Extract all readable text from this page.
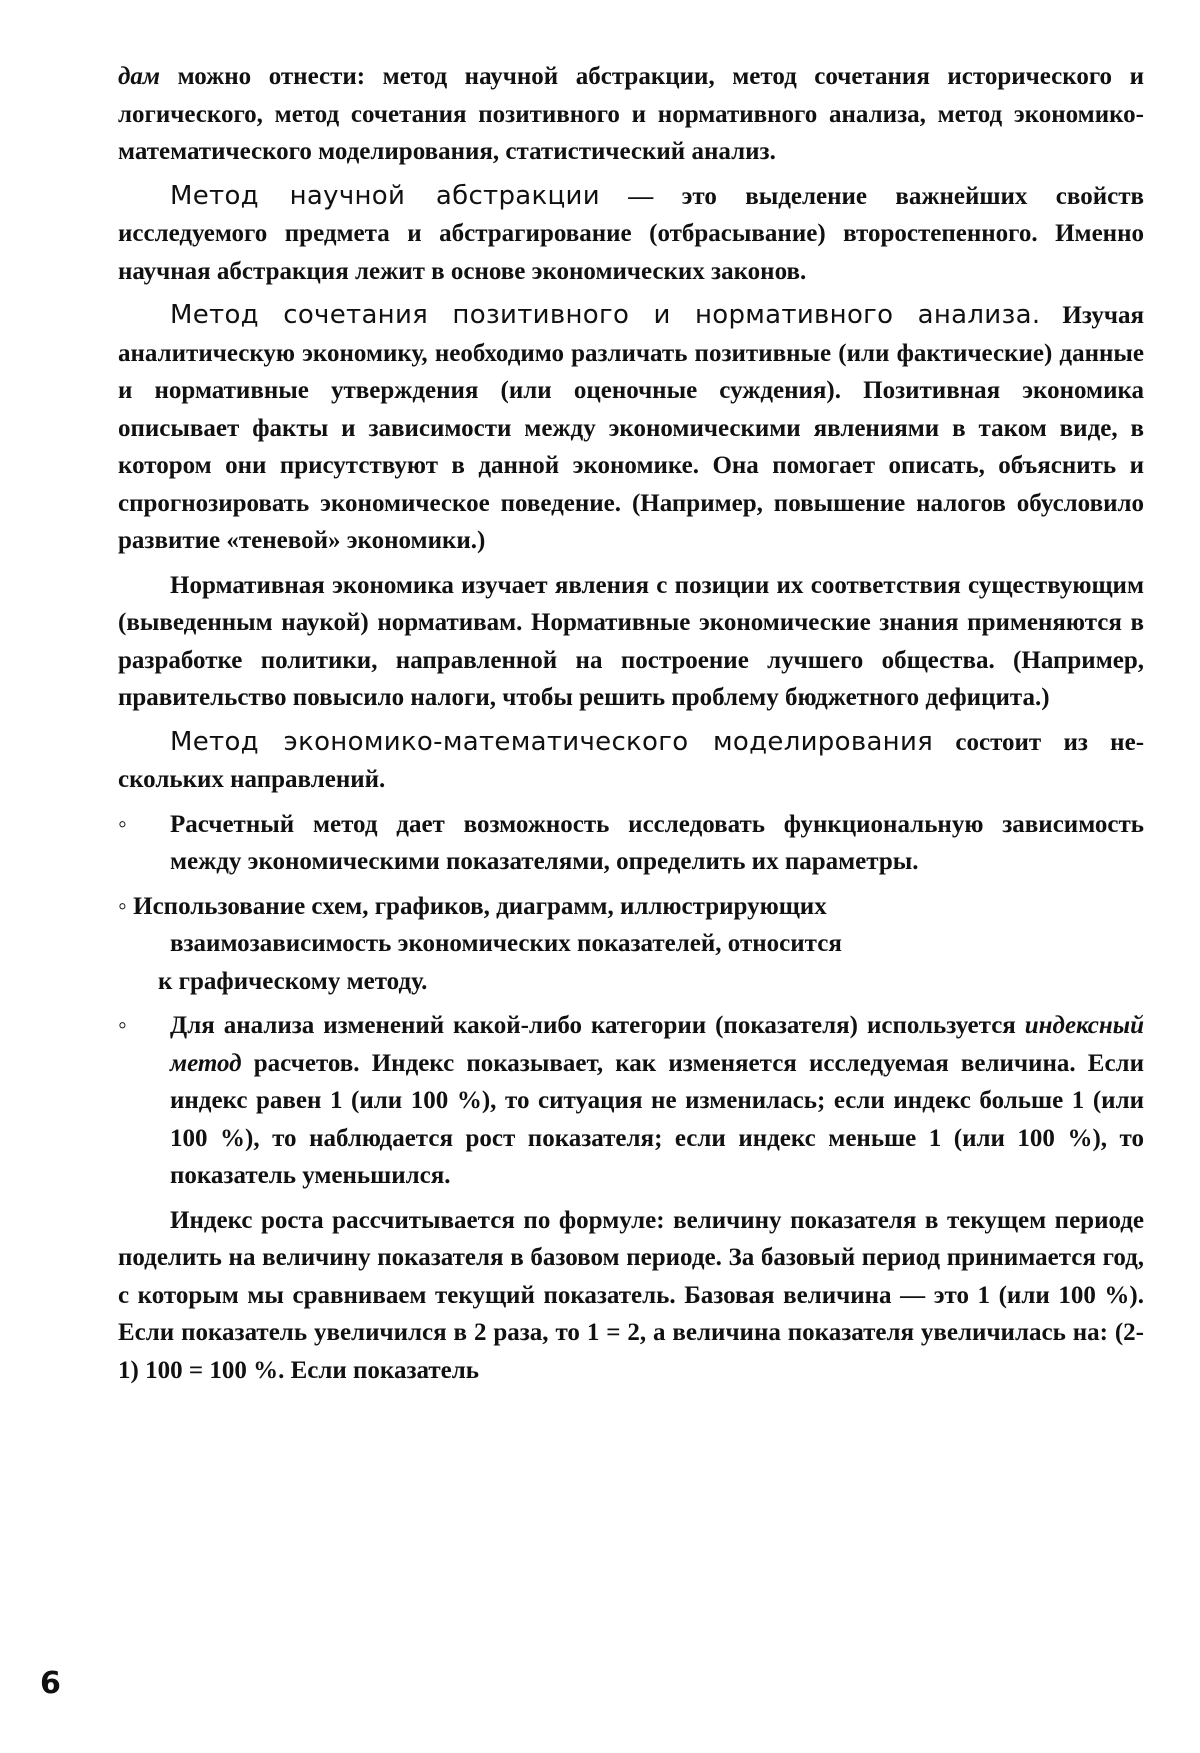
дам можно отнести: метод научной абстракции, метод сочетания исторического и логического, метод сочетания позитивного и нормативного анализа, метод экономико-математического моделирования, статистический анализ.

Метод научной абстракции — это выделение важнейших свойств исследуемого предмета и абстрагирование (отбрасывание) второстепенного. Именно научная абстракция лежит в основе экономических законов.

Метод сочетания позитивного и нормативного анализа. Изучая аналитическую экономику, необходимо различать позитивные (или фактические) данные и нормативные утверждения (или оценочные суждения). Позитивная экономика описывает факты и зависимости между экономическими явлениями в таком виде, в котором они присутствуют в данной экономике. Она помогает описать, объяснить и спрогнозировать экономическое поведение. (Например, повышение налогов обусловило развитие «теневой» экономики.)

Нормативная экономика изучает явления с позиции их соответствия существующим (выведенным наукой) нормативам. Нормативные экономические знания применяются в разработке политики, направленной на построение лучшего общества. (Например, правительство повысило налоги, чтобы решить проблему бюджетного дефицита.)

Метод экономико-математического моделирования состоит из нескольких направлений.

◦ Расчетный метод дает возможность исследовать функциональную зависимость между экономическими показателями, определить их параметры.

◦ Использование схем, графиков, диаграмм, иллюстрирующих
взаимозависимость экономических показателей, относится
к графическому методу.

◦ Для анализа изменений какой-либо категории (показателя) используется индексный метод расчетов. Индекс показывает, как изменяется исследуемая величина. Если индекс равен 1 (или 100 %), то ситуация не изменилась; если индекс больше 1 (или 100 %), то наблюдается рост показателя; если индекс меньше 1 (или 100 %), то показатель уменьшился.

Индекс роста рассчитывается по формуле: величину показателя в текущем периоде поделить на величину показателя в базовом периоде. За базовый период принимается год, с которым мы сравниваем текущий показатель. Базовая величина — это 1 (или 100 %). Если показатель увеличился в 2 раза, то 1 = 2, а величина показателя увеличилась на: (2-1) 100 = 100 %. Если показатель

6
